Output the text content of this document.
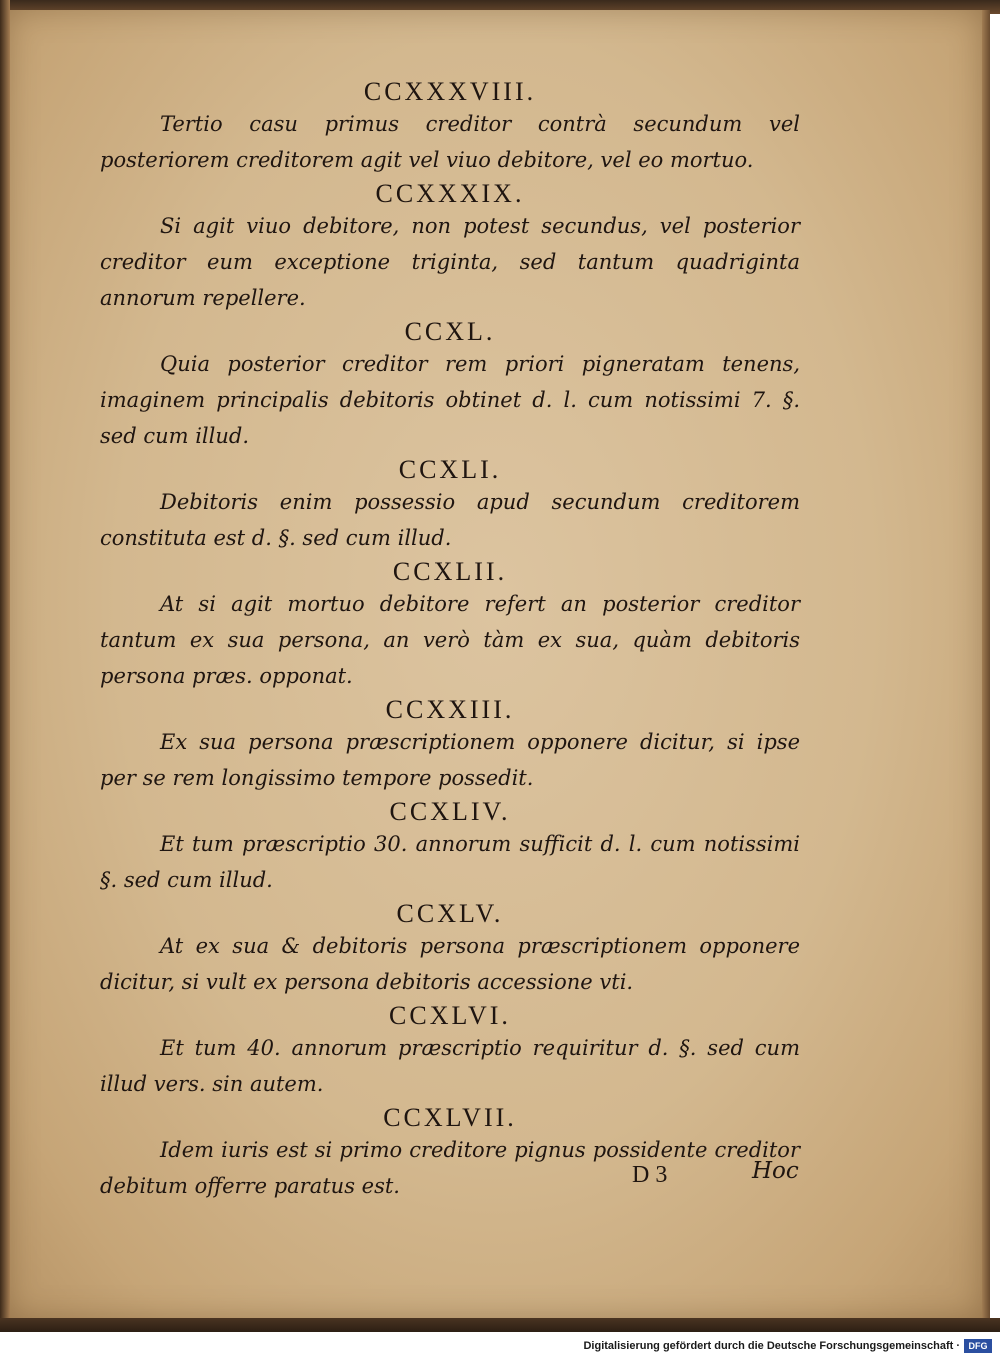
CCXXXVIII.

Tertio casu primus creditor contrà secundum vel posteriorem creditorem agit vel viuo debitore, vel eo mortuo.

CCXXXIX.

Si agit viuo debitore, non potest secundus, vel posterior creditor eum exceptione triginta, sed tantum quadriginta annorum repellere.

CCXL.

Quia posterior creditor rem priori pigneratam tenens, imaginem principalis debitoris obtinet d. l. cum notissimi 7. §. sed cum illud.

CCXLI.

Debitoris enim possessio apud secundum creditorem constituta est d. §. sed cum illud.

CCXLII.

At si agit mortuo debitore refert an posterior creditor tantum ex sua persona, an verò tàm ex sua, quàm debitoris persona præs. opponat.

CCXXIII.

Ex sua persona præscriptionem opponere dicitur, si ipse per se rem longissimo tempore possedit.

CCXLIV.

Et tum præscriptio 30. annorum sufficit d. l. cum notissimi §. sed cum illud.

CCXLV.

At ex sua & debitoris persona præscriptionem opponere dicitur, si vult ex persona debitoris accessione vti.

CCXLVI.

Et tum 40. annorum præscriptio requiritur d. §. sed cum illud vers. sin autem.

CCXLVII.

Idem iuris est si primo creditore pignus possidente creditor debitum offerre paratus est.	D 3	Hoc
Digitalisierung gefördert durch die Deutsche Forschungsgemeinschaft · DFG
